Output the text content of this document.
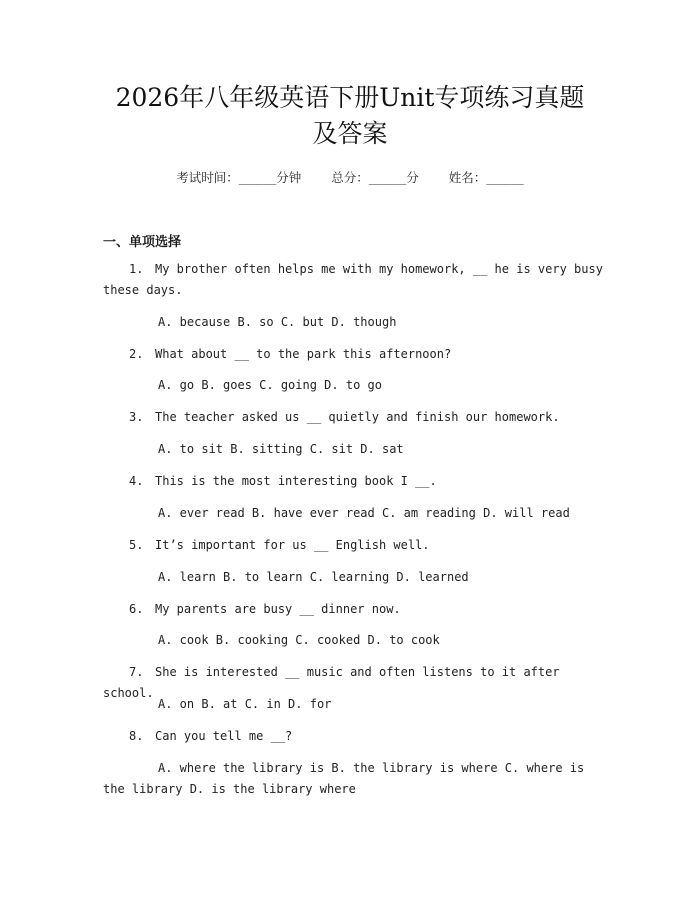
2026年八年级英语下册Unit专项练习真题
及答案
考试时间：______分钟 总分：______分 姓名：______
一、单项选择
1. My brother often helps me with my homework, __ he is very busy these days.
A. because B. so C. but D. though
2. What about __ to the park this afternoon?
A. go B. goes C. going D. to go
3. The teacher asked us __ quietly and finish our homework.
A. to sit B. sitting C. sit D. sat
4. This is the most interesting book I __.
A. ever read B. have ever read C. am reading D. will read
5. It’s important for us __ English well.
A. learn B. to learn C. learning D. learned
6. My parents are busy __ dinner now.
A. cook B. cooking C. cooked D. to cook
7. She is interested __ music and often listens to it after school.
A. on B. at C. in D. for
8. Can you tell me __?
A. where the library is B. the library is where C. where is the library D. is the library where
